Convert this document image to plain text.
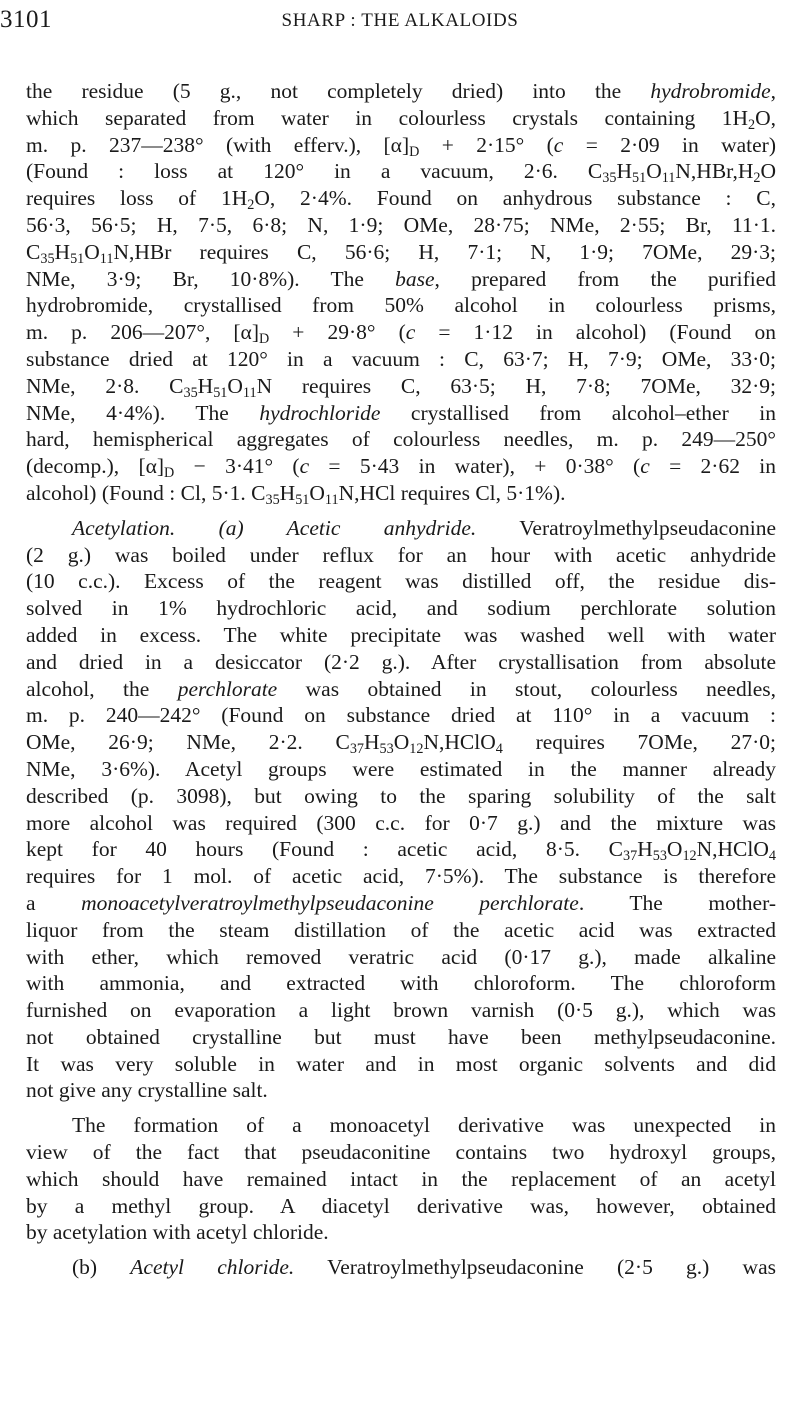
3101	SHARP : THE ALKALOIDS
the residue (5 g., not completely dried) into the hydrobromide,
which separated from water in colourless crystals containing $1H_2O$,
m. p. 237—238° (with efferv.), $[\alpha]_D + 2\cdot 15^\circ$ (c = 2·09 in water)
(Found : loss at 120° in a vacuum, 2·6. $C_{35}H_{51}O_{11}N,HBr,H_2O$
requires loss of $1H_2O$, 2·4%. Found on anhydrous substance : C,
56·3, 56·5; H, 7·5, 6·8; N, 1·9; OMe, 28·75; NMe, 2·55; Br, 11·1.
$C_{35}H_{51}O_{11}N,HBr$ requires C, 56·6; H, 7·1; N, 1·9; 7OMe, 29·3;
NMe, 3·9; Br, 10·8%). The base, prepared from the purified
hydrobromide, crystallised from 50% alcohol in colourless prisms,
m. p. 206—207°, $[\alpha]_D + 29\cdot 8^\circ$ (c = 1·12 in alcohol) (Found on
substance dried at 120° in a vacuum : C, 63·7; H, 7·9; OMe, 33·0;
NMe, 2·8. $C_{35}H_{51}O_{11}N$ requires C, 63·5; H, 7·8; 7OMe, 32·9;
NMe, 4·4%). The hydrochloride crystallised from alcohol–ether in
hard, hemispherical aggregates of colourless needles, m. p. 249—250°
(decomp.), $[\alpha]_D - 3\cdot 41^\circ$ (c = 5·43 in water), + 0·38° (c = 2·62 in
alcohol) (Found : Cl, 5·1. $C_{35}H_{51}O_{11}N,HCl$ requires Cl, 5·1%).
Acetylation. (a) Acetic anhydride. Veratroylmethylpseudaconine
(2 g.) was boiled under reflux for an hour with acetic anhydride
(10 c.c.). Excess of the reagent was distilled off, the residue dis-
solved in 1% hydrochloric acid, and sodium perchlorate solution
added in excess. The white precipitate was washed well with water
and dried in a desiccator (2·2 g.). After crystallisation from absolute
alcohol, the perchlorate was obtained in stout, colourless needles,
m. p. 240—242° (Found on substance dried at 110° in a vacuum :
OMe, 26·9; NMe, 2·2. $C_{37}H_{53}O_{12}N,HClO_4$ requires 7OMe, 27·0;
NMe, 3·6%). Acetyl groups were estimated in the manner already
described (p. 3098), but owing to the sparing solubility of the salt
more alcohol was required (300 c.c. for 0·7 g.) and the mixture was
kept for 40 hours (Found : acetic acid, 8·5. $C_{37}H_{53}O_{12}N,HClO_4$
requires for 1 mol. of acetic acid, 7·5%). The substance is therefore
a monoacetylveratroylmethylpseudaconine perchlorate. The mother-
liquor from the steam distillation of the acetic acid was extracted
with ether, which removed veratric acid (0·17 g.), made alkaline
with ammonia, and extracted with chloroform. The chloroform
furnished on evaporation a light brown varnish (0·5 g.), which was
not obtained crystalline but must have been methylpseudaconine.
It was very soluble in water and in most organic solvents and did
not give any crystalline salt.
The formation of a monoacetyl derivative was unexpected in
view of the fact that pseudaconitine contains two hydroxyl groups,
which should have remained intact in the replacement of an acetyl
by a methyl group. A diacetyl derivative was, however, obtained
by acetylation with acetyl chloride.
(b) Acetyl chloride. Veratroylmethylpseudaconine (2·5 g.) was
